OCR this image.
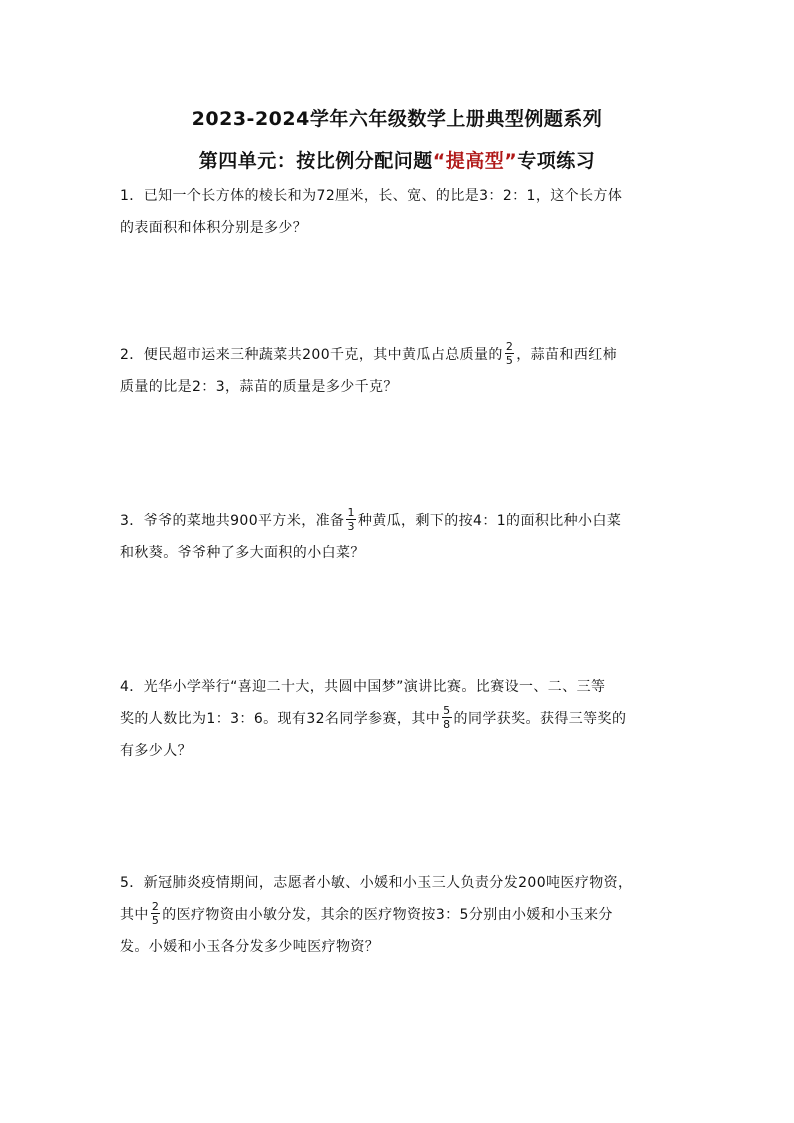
2023-2024学年六年级数学上册典型例题系列
第四单元：按比例分配问题“提高型”专项练习
1．已知一个长方体的棱长和为72厘米，长、宽、的比是3：2：1，这个长方体
的表面积和体积分别是多少？
2．便民超市运来三种蔬菜共200千克，其中黄瓜占总质量的 $\frac{2}{5}$ ，蒜苗和西红柿
质量的比是2：3，蒜苗的质量是多少千克？
3．爷爷的菜地共900平方米，准备 $\frac{1}{3}$ 种黄瓜，剩下的按4：1的面积比种小白菜
和秋葵。爷爷种了多大面积的小白菜？
4．光华小学举行“喜迎二十大，共圆中国梦”演讲比赛。比赛设一、二、三等
奖的人数比为1：3：6。现有32名同学参赛，其中 $\frac{5}{8}$ 的同学获奖。获得三等奖的
有多少人？
5．新冠肺炎疫情期间，志愿者小敏、小媛和小玉三人负责分发200吨医疗物资，
其中 $\frac{2}{5}$ 的医疗物资由小敏分发，其余的医疗物资按3：5分别由小媛和小玉来分
发。小媛和小玉各分发多少吨医疗物资？
